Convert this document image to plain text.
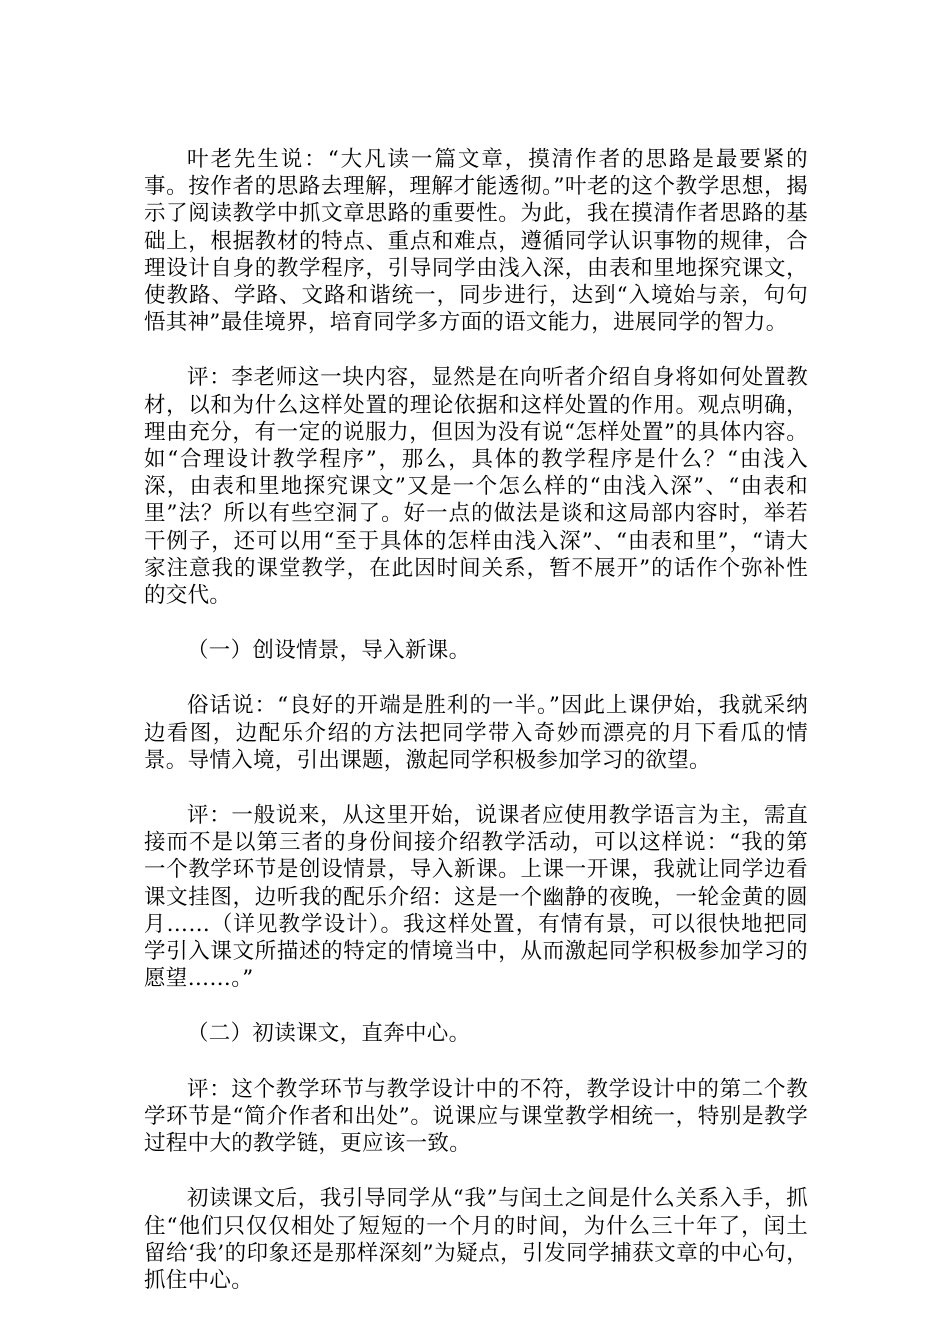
叶老先生说：“大凡读一篇文章，摸清作者的思路是最要紧的事。按作者的思路去理解，理解才能透彻。”叶老的这个教学思想，揭示了阅读教学中抓文章思路的重要性。为此，我在摸清作者思路的基础上，根据教材的特点、重点和难点，遵循同学认识事物的规律，合理设计自身的教学程序，引导同学由浅入深，由表和里地探究课文，使教路、学路、文路和谐统一，同步进行，达到“入境始与亲，句句悟其神”最佳境界，培育同学多方面的语文能力，进展同学的智力。

评：李老师这一块内容，显然是在向听者介绍自身将如何处置教材，以和为什么这样处置的理论依据和这样处置的作用。观点明确，理由充分，有一定的说服力，但因为没有说“怎样处置”的具体内容。如“合理设计教学程序”，那么，具体的教学程序是什么？“由浅入深，由表和里地探究课文”又是一个怎么样的“由浅入深”、“由表和里”法？所以有些空洞了。好一点的做法是谈和这局部内容时，举若干例子，还可以用“至于具体的怎样由浅入深”、“由表和里”，“请大家注意我的课堂教学，在此因时间关系，暂不展开”的话作个弥补性的交代。

（一）创设情景，导入新课。

俗话说：“良好的开端是胜利的一半。”因此上课伊始，我就采纳边看图，边配乐介绍的方法把同学带入奇妙而漂亮的月下看瓜的情景。导情入境，引出课题，激起同学积极参加学习的欲望。

评：一般说来，从这里开始，说课者应使用教学语言为主，需直接而不是以第三者的身份间接介绍教学活动，可以这样说：“我的第一个教学环节是创设情景，导入新课。上课一开课，我就让同学边看课文挂图，边听我的配乐介绍：这是一个幽静的夜晚，一轮金黄的圆月……（详见教学设计）。我这样处置，有情有景，可以很快地把同学引入课文所描述的特定的情境当中，从而激起同学积极参加学习的愿望……。”

（二）初读课文，直奔中心。

评：这个教学环节与教学设计中的不符，教学设计中的第二个教学环节是“简介作者和出处”。说课应与课堂教学相统一，特别是教学过程中大的教学链，更应该一致。

初读课文后，我引导同学从“我”与闰土之间是什么关系入手，抓住“他们只仅仅相处了短短的一个月的时间，为什么三十年了，闰土留给‘我’的印象还是那样深刻”为疑点，引发同学捕获文章的中心句，抓住中心。
